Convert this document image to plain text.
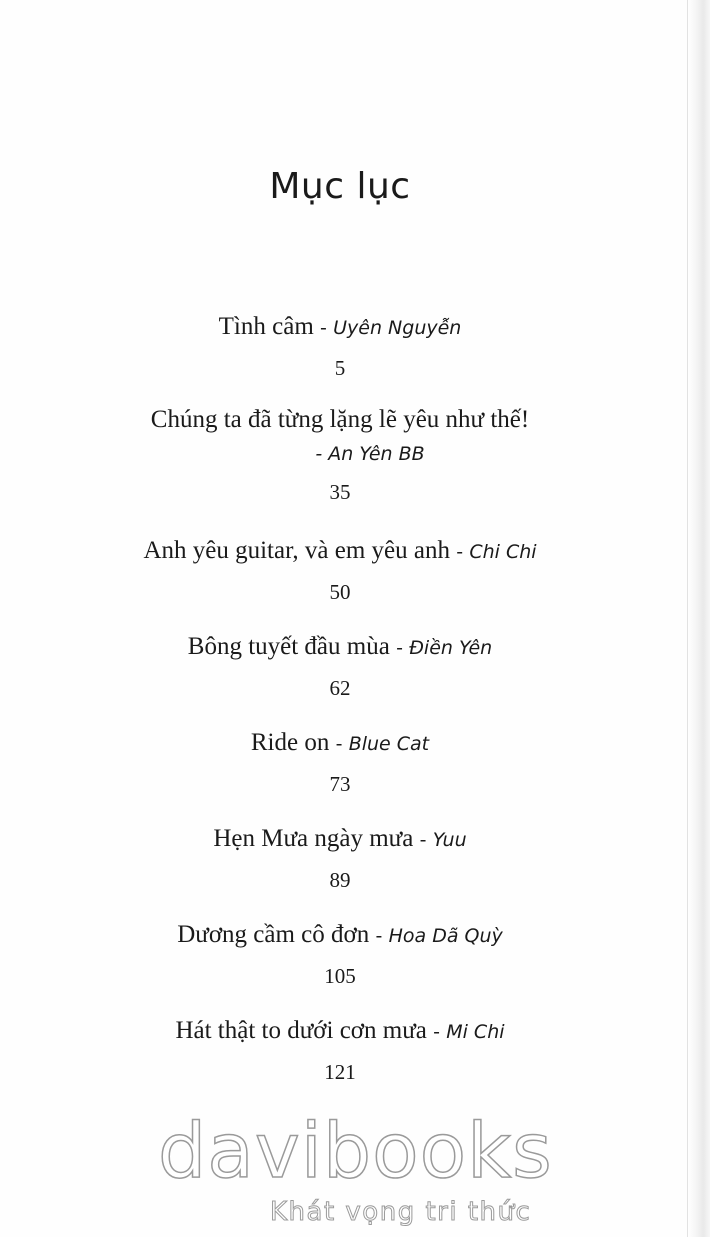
Mục lục
Tình câm - Uyên Nguyễn
5
Chúng ta đã từng lặng lẽ yêu như thế!
- An Yên BB
35
Anh yêu guitar, và em yêu anh - Chi Chi
50
Bông tuyết đầu mùa - Điền Yên
62
Ride on - Blue Cat
73
Hẹn Mưa ngày mưa - Yuu
89
Dương cầm cô đơn - Hoa Dã Quỳ
105
Hát thật to dưới cơn mưa - Mi Chi
121
davibooks
Khát vọng tri thức
